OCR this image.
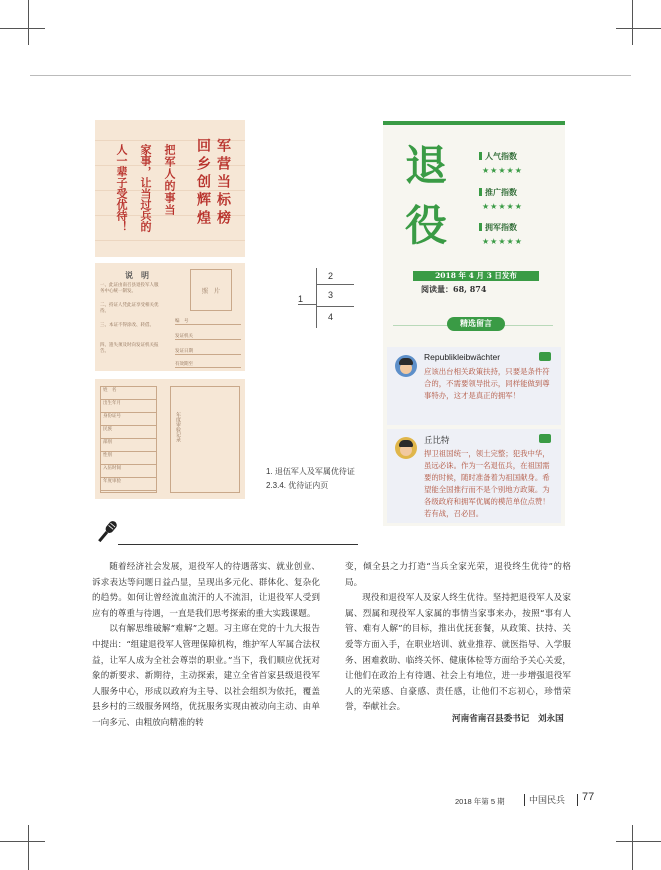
军营当标榜
回乡创辉煌
把军人的事当
家事，让当过兵的
人一辈子受优待！
说　明
一、此证由南召县退役军人服务中心统一制发。
二、持证人凭此证享受相关优待。
三、本证不得涂改、转借。
四、遗失须及时向发证机关报告。
照　片
编　号
发证机关
发证日期
有效期至
姓　名
出生年月
身份证号
民族
部别
性别
入伍时间
年度审验
年度审验记录
1
2
3
4
1. 退伍军人及军属优待证
2.3.4. 优待证内页
退
役
人气指数
★★★★★
推广指数
★★★★★
拥军指数
★★★★★
2018 年 4 月 3 日发布
阅读量：68, 874
精选留言
Republikleibwächter
应该出台相关政策扶持，只要是条件符合的，不需要领导批示，同样能做到尊事特办，这才是真正的拥军！
丘比特
捍卫祖国统一，领土完整；犯我中华，虽远必诛。作为一名退伍兵，在祖国需要的时候，随时准备着为祖国献身。希望能全国推行而不是个别地方政策。为各级政府和拥军优属的模范单位点赞！若有战，召必回。

随着经济社会发展，退役军人的待遇落实、就业创业、诉求表达等问题日益凸显，呈现出多元化、群体化、复杂化的趋势。如何让曾经流血流汗的人不流泪，让退役军人受到应有的尊重与待遇，一直是我们思考探索的重大实践课题。

以有解思维破解“难解”之题。习主席在党的十九大报告中提出：“组建退役军人管理保障机构，维护军人军属合法权益，让军人成为全社会尊崇的职业。”当下，我们顺应优抚对象的新要求、新期待，主动探索，建立全省首家县级退役军人服务中心，形成以政府为主导、以社会组织为依托，覆盖县乡村的三级服务网络，优抚服务实现由被动向主动、由单一向多元、由粗放向精准的转

变，倾全县之力打造“当兵全家光荣，退役终生优待”的格局。

现役和退役军人及家人终生优待。坚持把退役军人及家属、烈属和现役军人家属的事情当家事来办，按照“事有人管、难有人解”的目标，推出优抚套餐，从政策、扶持、关爱等方面入手，在职业培训、就业推荐、就医指导、入学服务、困难救助、临终关怀、健康体检等方面给予关心关爱，让他们在政治上有待遇、社会上有地位，进一步增强退役军人的光荣感、自豪感、责任感，让他们不忘初心，珍惜荣誉，奉献社会。

河南省南召县委书记　刘永国
2018 年第 5 期	中国民兵 77
